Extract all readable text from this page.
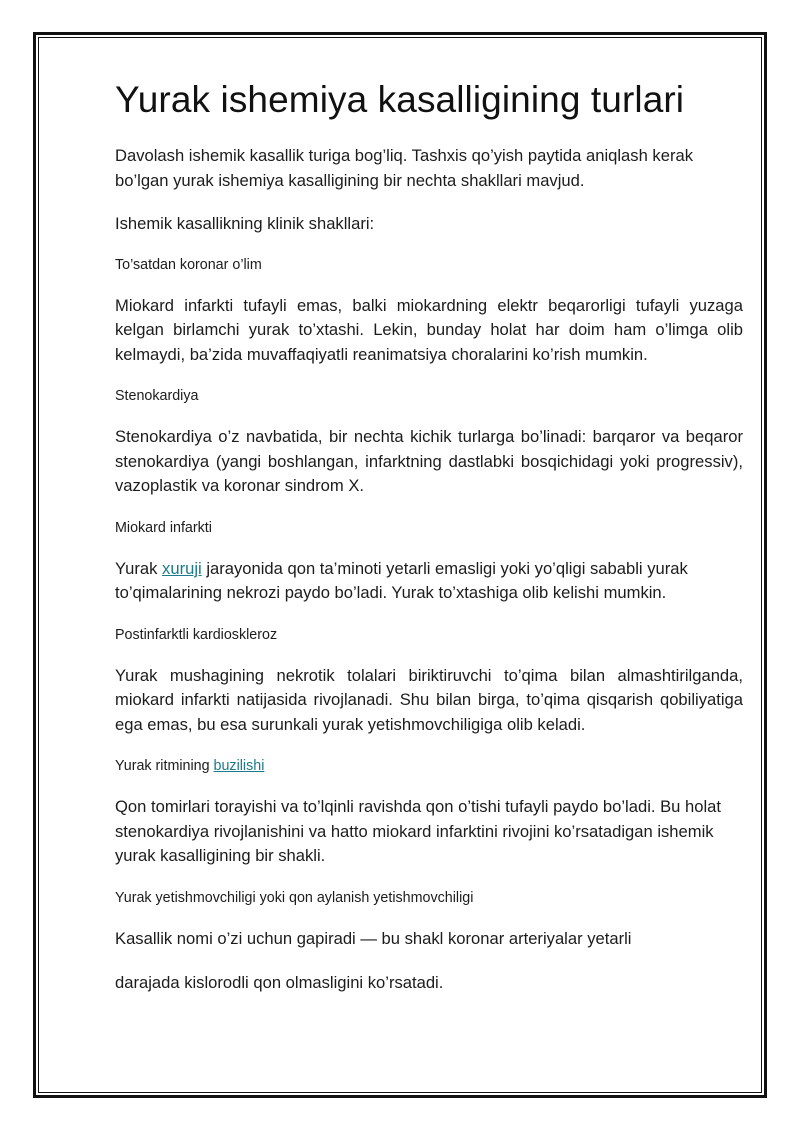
Yurak ishemiya kasalligining turlari

Davolash ishemik kasallik turiga bog’liq. Tashxis qo’yish paytida aniqlash kerak bo’lgan yurak ishemiya kasalligining bir nechta shakllari mavjud.

Ishemik kasallikning klinik shakllari:

To’satdan koronar o’lim

Miokard infarkti tufayli emas, balki miokardning elektr beqarorligi tufayli yuzaga kelgan birlamchi yurak to’xtashi. Lekin, bunday holat har doim ham o’limga olib kelmaydi, ba’zida muvaffaqiyatli reanimatsiya choralarini ko’rish mumkin.

Stenokardiya

Stenokardiya o’z navbatida, bir nechta kichik turlarga bo’linadi: barqaror va beqaror stenokardiya (yangi boshlangan, infarktning dastlabki bosqichidagi yoki progressiv), vazoplastik va koronar sindrom X.

Miokard infarkti

Yurak xuruji jarayonida qon ta’minoti yetarli emasligi yoki yo’qligi sababli yurak to’qimalarining nekrozi paydo bo’ladi. Yurak to’xtashiga olib kelishi mumkin.

Postinfarktli kardioskleroz

Yurak mushagining nekrotik tolalari biriktiruvchi to’qima bilan almashtirilganda, miokard infarkti natijasida rivojlanadi. Shu bilan birga, to’qima qisqarish qobiliyatiga ega emas, bu esa surunkali yurak yetishmovchiligiga olib keladi.

Yurak ritmining buzilishi

Qon tomirlari torayishi va to’lqinli ravishda qon o’tishi tufayli paydo bo’ladi. Bu holat stenokardiya rivojlanishini va hatto miokard infarktini rivojini ko’rsatadigan ishemik yurak kasalligining bir shakli.

Yurak yetishmovchiligi yoki qon aylanish yetishmovchiligi

Kasallik nomi o’zi uchun gapiradi — bu shakl koronar arteriyalar yetarli

darajada kislorodli qon olmasligini ko’rsatadi.
